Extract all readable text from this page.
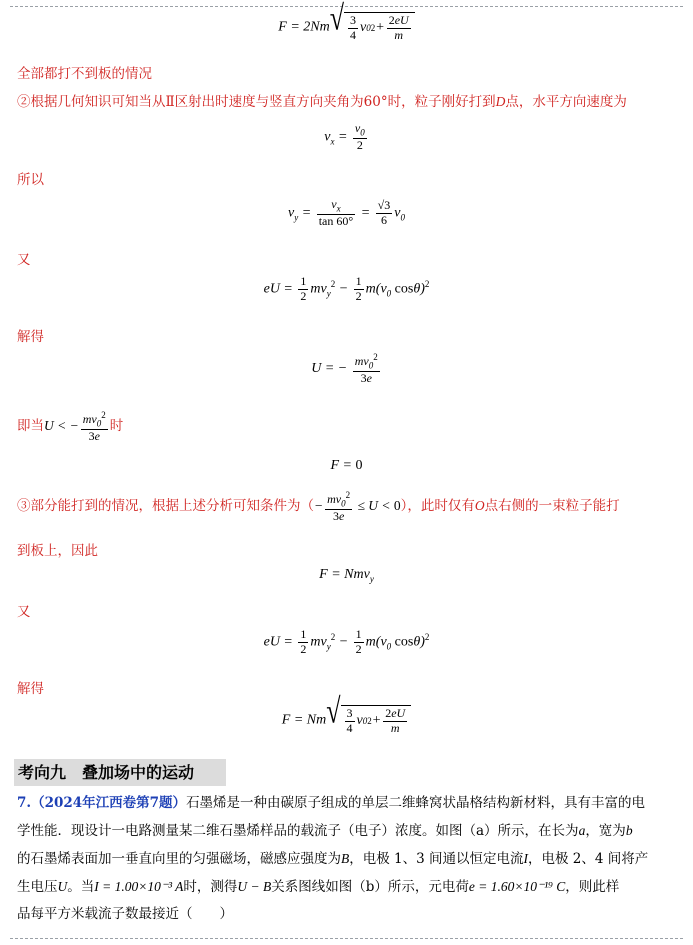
F = 2Nm √ $\frac{3}{4}$ v 0 $2 + \frac{2eU}{m}$
全部都打不到板的情况
②根据几何知识可知当从Ⅱ区射出时速度与竖直方向夹角为60°时，粒子刚好打到D点，水平方向速度为
$v_x = \frac{v_0}{2}$
所以
$v_y = \frac{v_x}{\tan 60^\circ} = \frac{√3}{6} v_0$
又
eU = $\frac{1}{2} mv_y^2 - \frac{1}{2} m(v_0$ cosθ)$^2$
解得
U = − $\frac{mv_0^2}{3e}$
即当U < − $\frac{mv_0^2}{3e}$ 时
F = 0
③部分能打到的情况，根据上述分析可知条件为（− $\frac{mv_0^2}{3e} \le U < 0$），此时仅有O点右侧的一束粒子能打
到板上，因此
F = Nmv$_y$
又
eU = $\frac{1}{2} mv_y^2 - \frac{1}{2} m(v_0$ cosθ)$^2$
解得
F = Nm √ $\frac{3}{4}$ v 0 $2 + \frac{2eU}{m}$
考向九　叠加场中的运动
7.（2024年江西卷第7题）石墨烯是一种由碳原子组成的单层二维蜂窝状晶格结构新材料，具有丰富的电
学性能．现设计一电路测量某二维石墨烯样品的载流子（电子）浓度。如图（a）所示，在长为a，宽为b
的石墨烯表面加一垂直向里的匀强磁场，磁感应强度为B，电极 1、3 间通以恒定电流I，电极 2、4 间将产
生电压U。当I = 1.00×10⁻³ A时，测得U − B关系图线如图（b）所示，元电荷e = 1.60×10⁻¹⁹ C，则此样
品每平方米载流子数最接近（　　）
